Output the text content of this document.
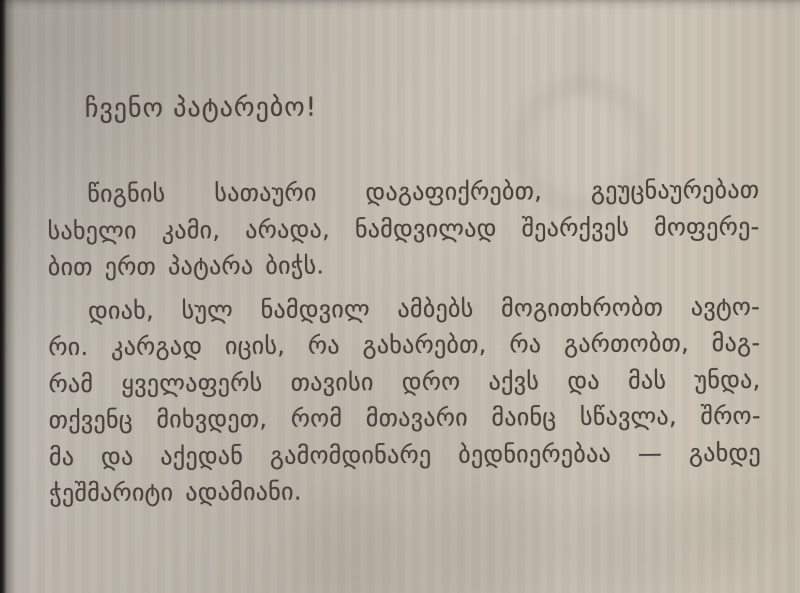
ჩვენო პატარებო!
წიგნის სათაური დაგაფიქრებთ, გეუცნაურებათ
სახელი კამი, არადა, ნამდვილად შეარქვეს მოფერე-
ბით ერთ პატარა ბიჭს.
დიახ, სულ ნამდვილ ამბებს მოგითხრობთ ავტო-
რი. კარგად იცის, რა გახარებთ, რა გართობთ, მაგ-
რამ ყველაფერს თავისი დრო აქვს და მას უნდა,
თქვენც მიხვდეთ, რომ მთავარი მაინც სწავლა, შრო-
მა და აქედან გამომდინარე ბედნიერებაა — გახდე
ჭეშმარიტი ადამიანი.
